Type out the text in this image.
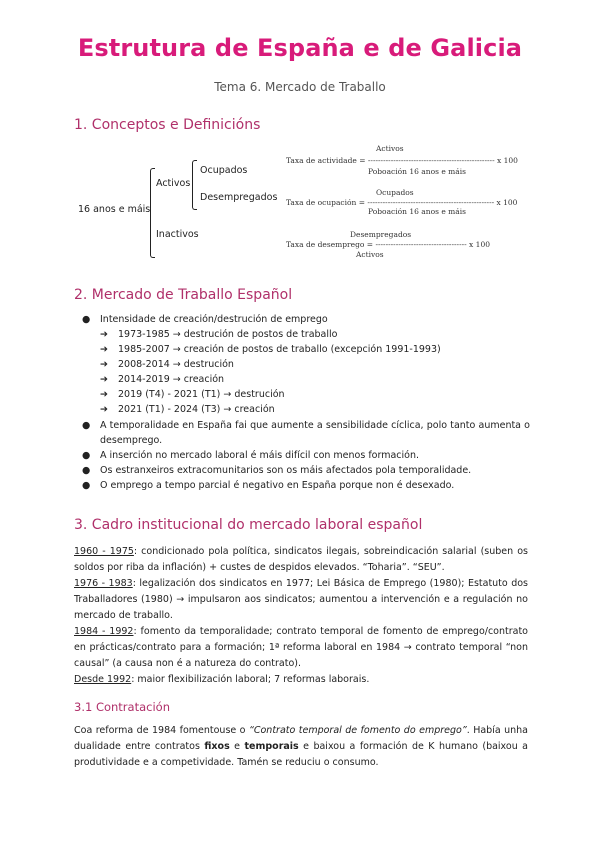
Estrutura de España e de Galicia
Tema 6. Mercado de Traballo
1. Conceptos e Definicións
16 anos e máis
Activos
Inactivos
Ocupados
Desempregados
Activos
Taxa de actividade = -------------------------------------------------- x 100
Poboación 16 anos e máis
Ocupados
Taxa de ocupación = -------------------------------------------------- x 100
Poboación 16 anos e máis
Desempregados
Taxa de desemprego = ------------------------------------ x 100
Activos
2. Mercado de Traballo Español
● Intensidade de creación/destrución de emprego
➔ 1973-1985 → destrución de postos de traballo
➔ 1985-2007 → creación de postos de traballo (excepción 1991-1993)
➔ 2008-2014 → destrución
➔ 2014-2019 → creación
➔ 2019 (T4) - 2021 (T1) → destrución
➔ 2021 (T1) - 2024 (T3) → creación
● A temporalidade en España fai que aumente a sensibilidade cíclica, polo tanto aumenta o desemprego.
● A inserción no mercado laboral é máis difícil con menos formación.
● Os estranxeiros extracomunitarios son os máis afectados pola temporalidade.
● O emprego a tempo parcial é negativo en España porque non é desexado.
3. Cadro institucional do mercado laboral español
1960 - 1975: condicionado pola política, sindicatos ilegais, sobreindicación salarial (suben os soldos por riba da inflación) + custes de despidos elevados. “Toharia”. “SEU”.
1976 - 1983: legalización dos sindicatos en 1977; Lei Básica de Emprego (1980); Estatuto dos Traballadores (1980) → impulsaron aos sindicatos; aumentou a intervención e a regulación no mercado de traballo.
1984 - 1992: fomento da temporalidade; contrato temporal de fomento de emprego/contrato en prácticas/contrato para a formación; 1ª reforma laboral en 1984 → contrato temporal “non causal” (a causa non é a natureza do contrato).
Desde 1992: maior flexibilización laboral; 7 reformas laborais.
3.1 Contratación
Coa reforma de 1984 fomentouse o “Contrato temporal de fomento do emprego”. Había unha dualidade entre contratos fixos e temporais e baixou a formación de K humano (baixou a produtividade e a competividade. Tamén se reduciu o consumo.
